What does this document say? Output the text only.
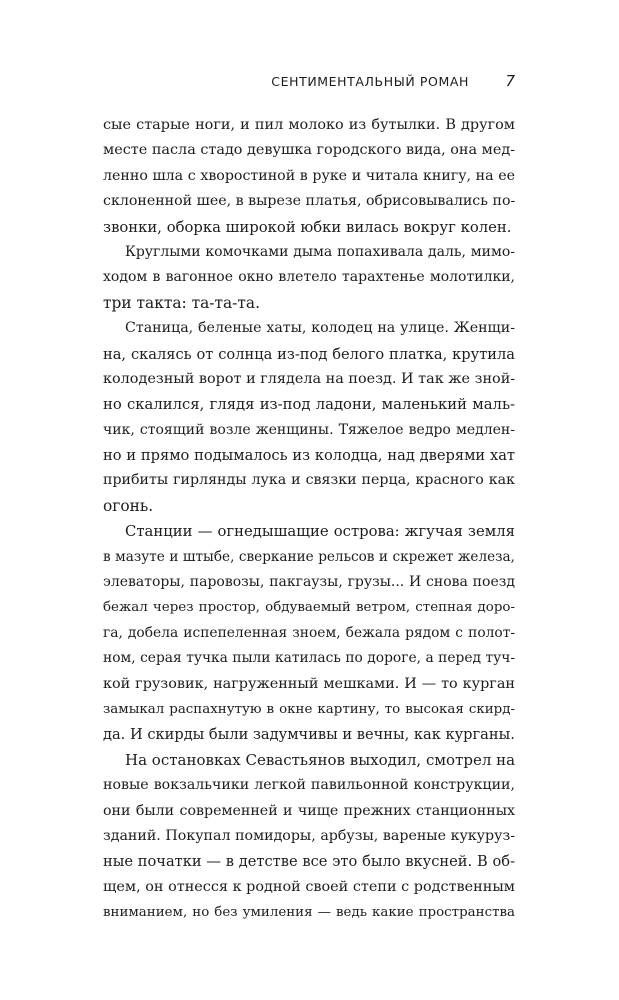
СЕНТИМЕНТАЛЬНЫЙ РОМАН 7
сые старые ноги, и пил молоко из бутылки. В другом
месте пасла стадо девушка городского вида, она мед-
ленно шла с хворостиной в руке и читала книгу, на ее
склоненной шее, в вырезе платья, обрисовывались по-
звонки, оборка широкой юбки вилась вокруг колен.
Круглыми комочками дыма попахивала даль, мимо-
ходом в вагонное окно влетело тарахтенье молотилки,
три такта: та-та-та.
Станица, беленые хаты, колодец на улице. Женщи-
на, скалясь от солнца из-под белого платка, крутила
колодезный ворот и глядела на поезд. И так же зной-
но скалился, глядя из-под ладони, маленький маль-
чик, стоящий возле женщины. Тяжелое ведро медлен-
но и прямо подымалось из колодца, над дверями хат
прибиты гирлянды лука и связки перца, красного как
огонь.
Станции — огнедышащие острова: жгучая земля
в мазуте и штыбе, сверкание рельсов и скрежет железа,
элеваторы, паровозы, пакгаузы, грузы... И снова поезд
бежал через простор, обдуваемый ветром, степная доро-
га, добела испепеленная зноем, бежала рядом с полот-
ном, серая тучка пыли катилась по дороге, а перед туч-
кой грузовик, нагруженный мешками. И — то курган
замыкал распахнутую в окне картину, то высокая скирд-
да. И скирды были задумчивы и вечны, как курганы.
На остановках Севастьянов выходил, смотрел на
новые вокзальчики легкой павильонной конструкции,
они были современней и чище прежних станционных
зданий. Покупал помидоры, арбузы, вареные кукуруз-
ные початки — в детстве все это было вкусней. В об-
щем, он отнесся к родной своей степи с родственным
вниманием, но без умиления — ведь какие пространства
